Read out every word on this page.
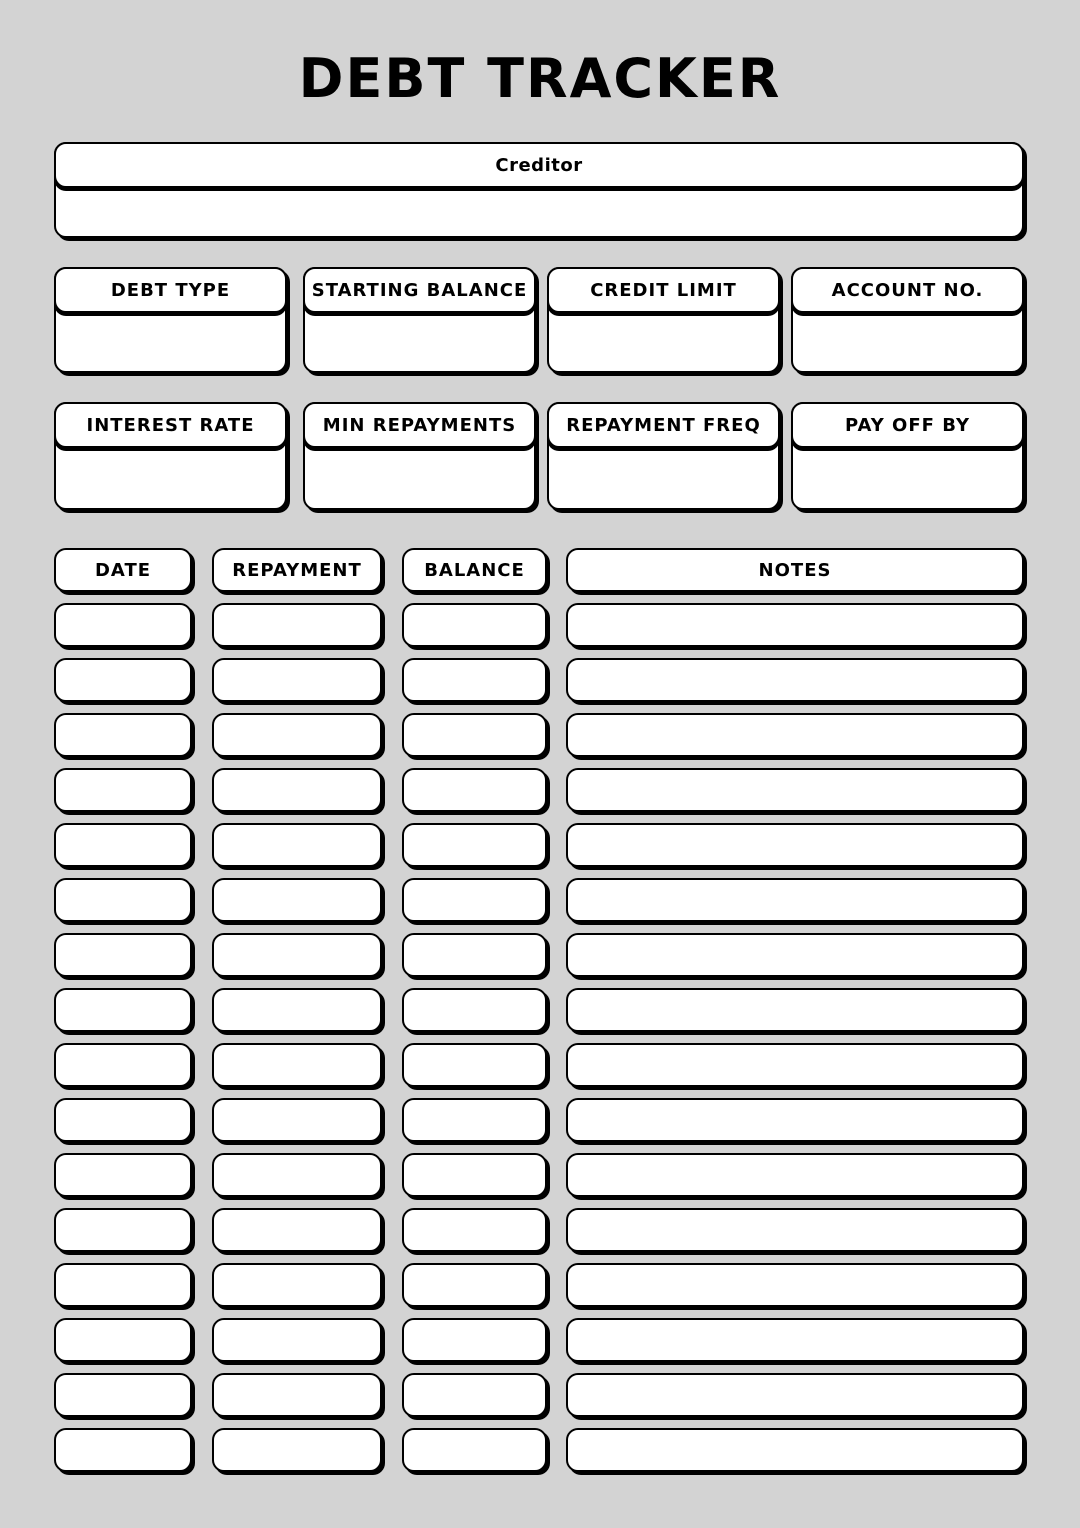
DEBT TRACKER
Creditor
DEBT TYPE	STARTING BALANCE	CREDIT LIMIT	ACCOUNT NO.
INTEREST RATE	MIN REPAYMENTS	REPAYMENT FREQ	PAY OFF BY
DATE	REPAYMENT	BALANCE	NOTES
